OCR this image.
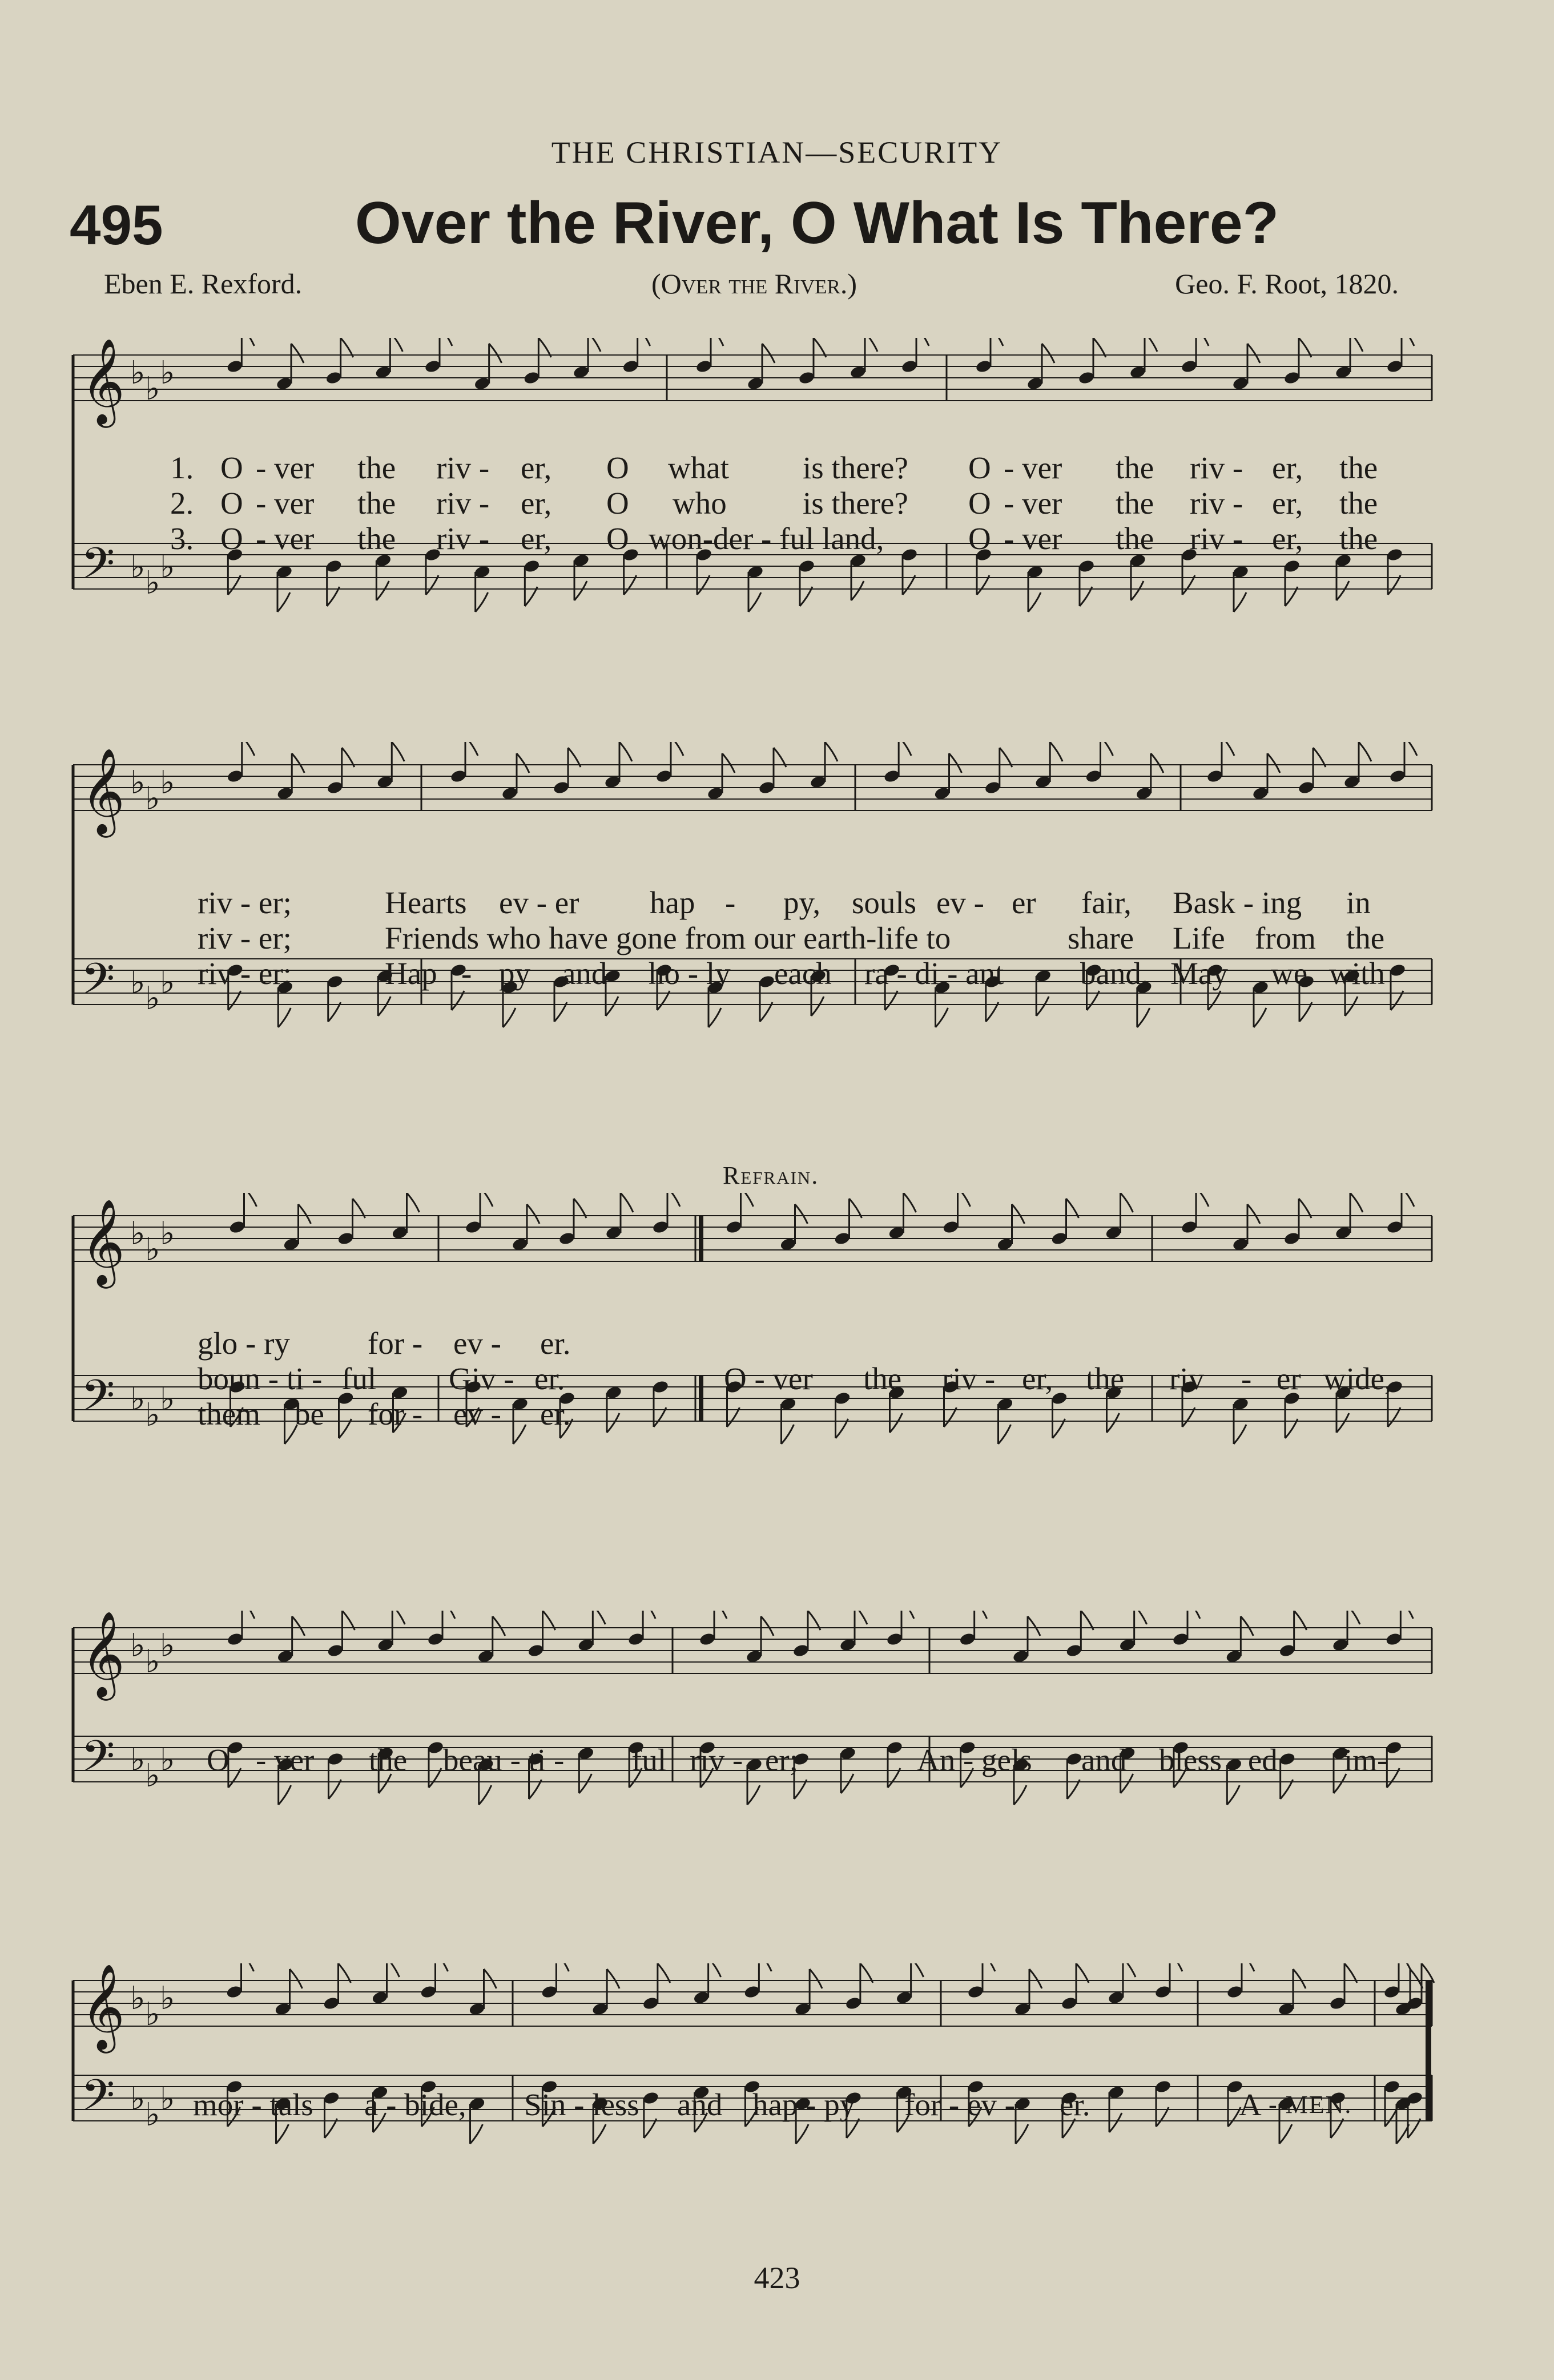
THE CHRISTIAN—SECURITY
495	Over the River, O What Is There?
Eben E. Rexford.	(Over the River.)	Geo. F. Root, 1820.
𝄞
𝄢
♭
♭
♭
♭
♭
♭
1. O - ver the riv - er, O what is there? O - ver the riv - er, the
2. O - ver the riv - er, O who is there? O - ver the riv - er, the
3. O - ver the riv - er, O won-der - ful land,	O - ver the riv - er, the
𝄞
𝄢
♭
♭
♭
♭
♭
♭
riv - er;	Hearts ev - er hap - py, souls ev - er fair, Bask - ing in
riv - er;	Friends who have gone from our earth-life to	share Life from the
riv - er;	Hap - py and ho - ly each ra - di - ant band, May we with
Refrain.
𝄞
𝄢
♭
♭
♭
♭
♭
♭
glo - ry for - ev - er.
boun - ti - ful Giv - er.	O - ver the riv - er, the riv - er wide,
them be for - ev - er.
𝄞
𝄢
♭
♭
♭
♭
♭
♭ O - ver the beau - ti - ful riv - er;	An - gels and bless - ed im-
𝄞
𝄢
♭
♭
♭
♭
♭
♭ mor - tals a - bide, Sin - less and hap - py for - ev - er.	A - MEN.
423
